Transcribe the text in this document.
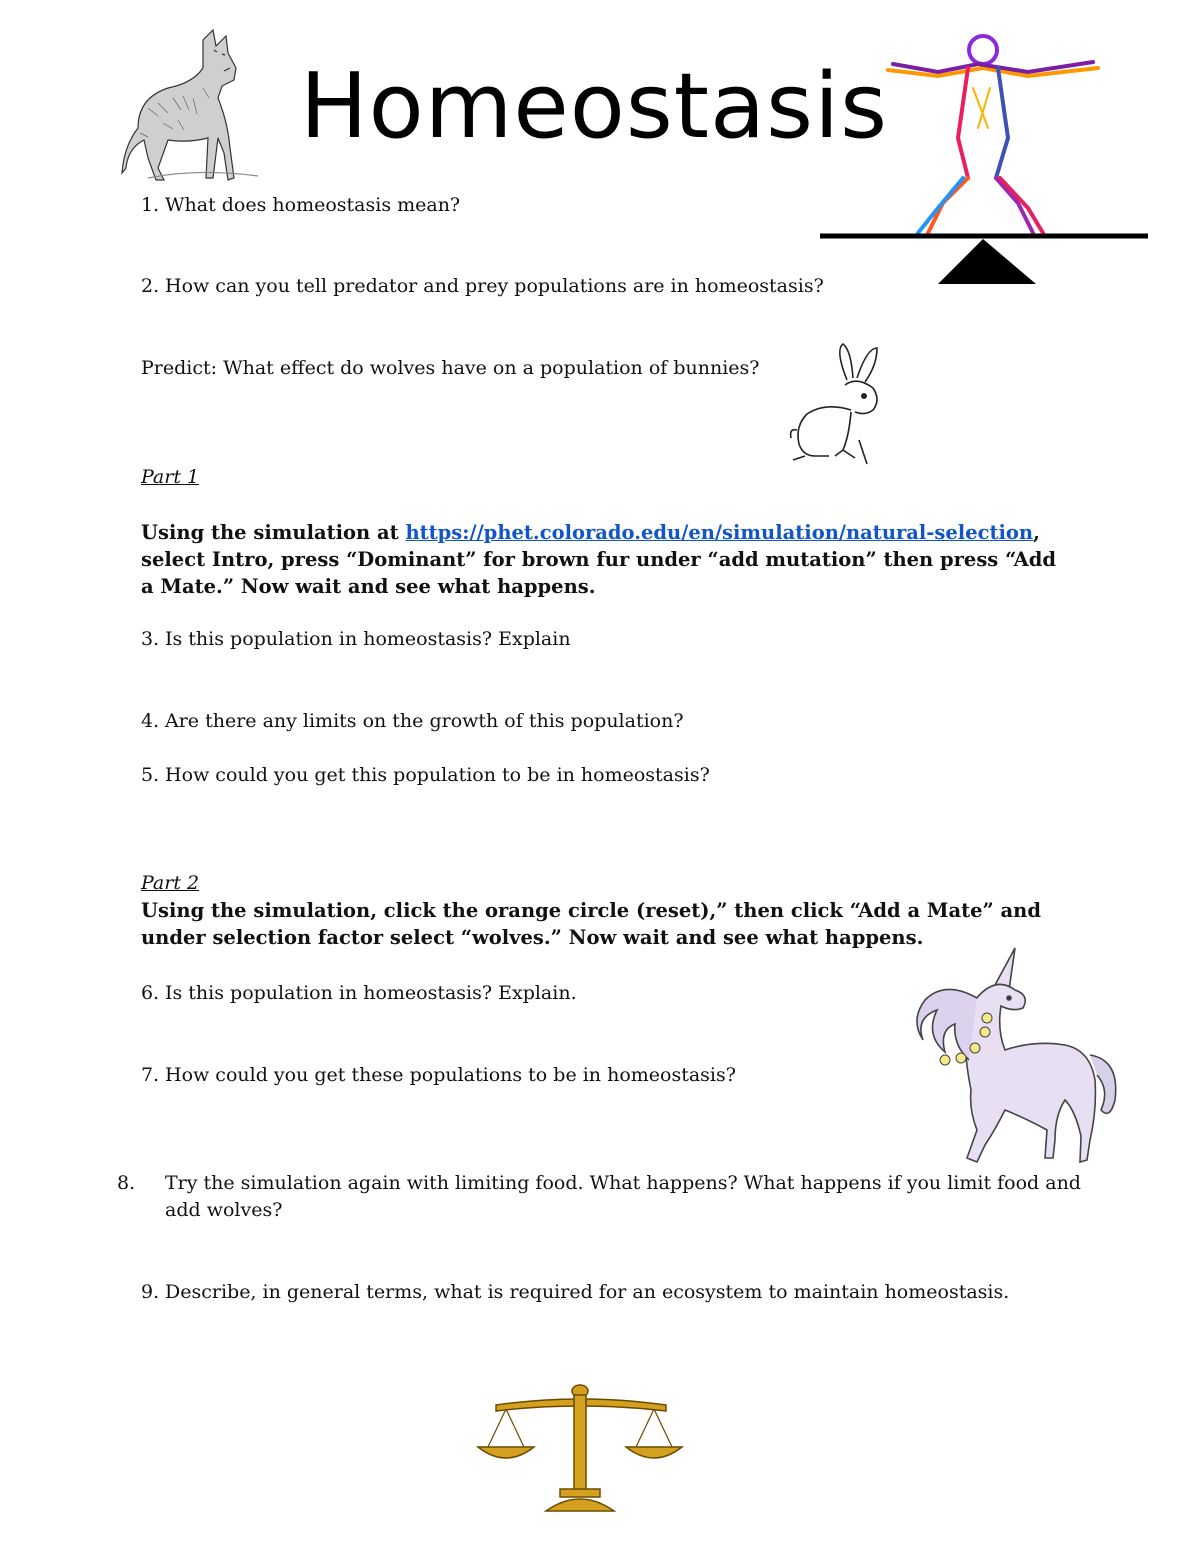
Homeostasis
1. What does homeostasis mean?
2. How can you tell predator and prey populations are in homeostasis?
Predict: What effect do wolves have on a population of bunnies?
Part 1
Using the simulation at https://phet.colorado.edu/en/simulation/natural-selection, select Intro, press “Dominant” for brown fur under “add mutation” then press “Add a Mate.” Now wait and see what happens.
3. Is this population in homeostasis? Explain
4. Are there any limits on the growth of this population?
5. How could you get this population to be in homeostasis?
Part 2
Using the simulation, click the orange circle (reset),” then click “Add a Mate” and under selection factor select “wolves.” Now wait and see what happens.
6. Is this population in homeostasis? Explain.
7. How could you get these populations to be in homeostasis?
8. Try the simulation again with limiting food. What happens? What happens if you limit food and add wolves?
9. Describe, in general terms, what is required for an ecosystem to maintain homeostasis.
